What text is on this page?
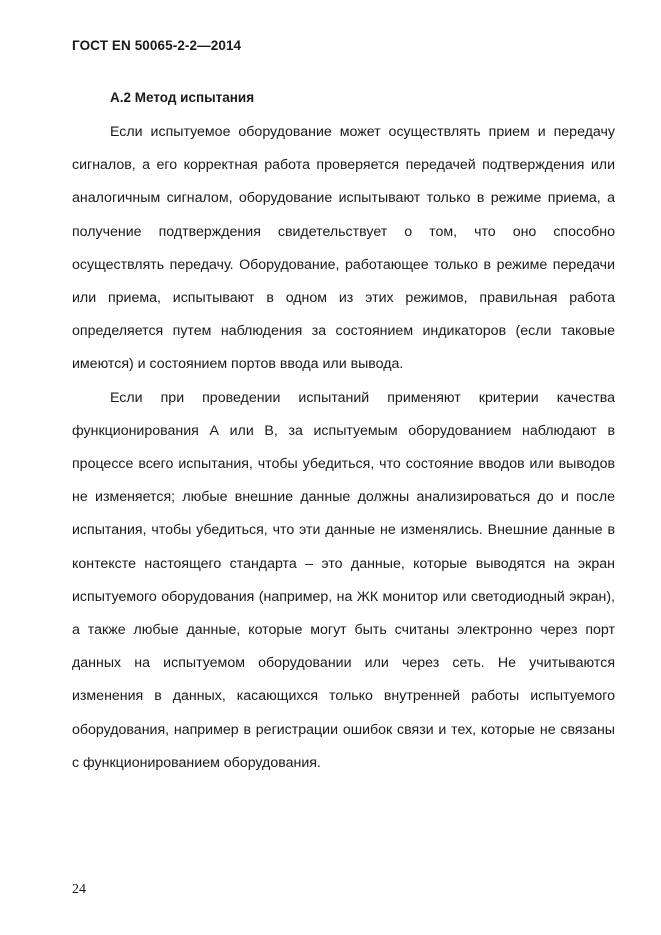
ГОСТ EN 50065-2-2—2014
А.2 Метод испытания

Если испытуемое оборудование может осуществлять прием и передачу сигналов, а его корректная работа проверяется передачей подтверждения или аналогичным сигналом, оборудование испытывают только в режиме приема, а получение подтверждения свидетельствует о том, что оно способно осуществлять передачу. Оборудование, работающее только в режиме передачи или приема, испытывают в одном из этих режимов, правильная работа определяется путем наблюдения за состоянием индикаторов (если таковые имеются) и состоянием портов ввода или вывода.

Если при проведении испытаний применяют критерии качества функционирования А или В, за испытуемым оборудованием наблюдают в процессе всего испытания, чтобы убедиться, что состояние вводов или выводов не изменяется; любые внешние данные должны анализироваться до и после испытания, чтобы убедиться, что эти данные не изменялись. Внешние данные в контексте настоящего стандарта – это данные, которые выводятся на экран испытуемого оборудования (например, на ЖК монитор или светодиодный экран), а также любые данные, которые могут быть считаны электронно через порт данных на испытуемом оборудовании или через сеть. Не учитываются изменения в данных, касающихся только внутренней работы испытуемого оборудования, например в регистрации ошибок связи и тех, которые не связаны с функционированием оборудования.

24
